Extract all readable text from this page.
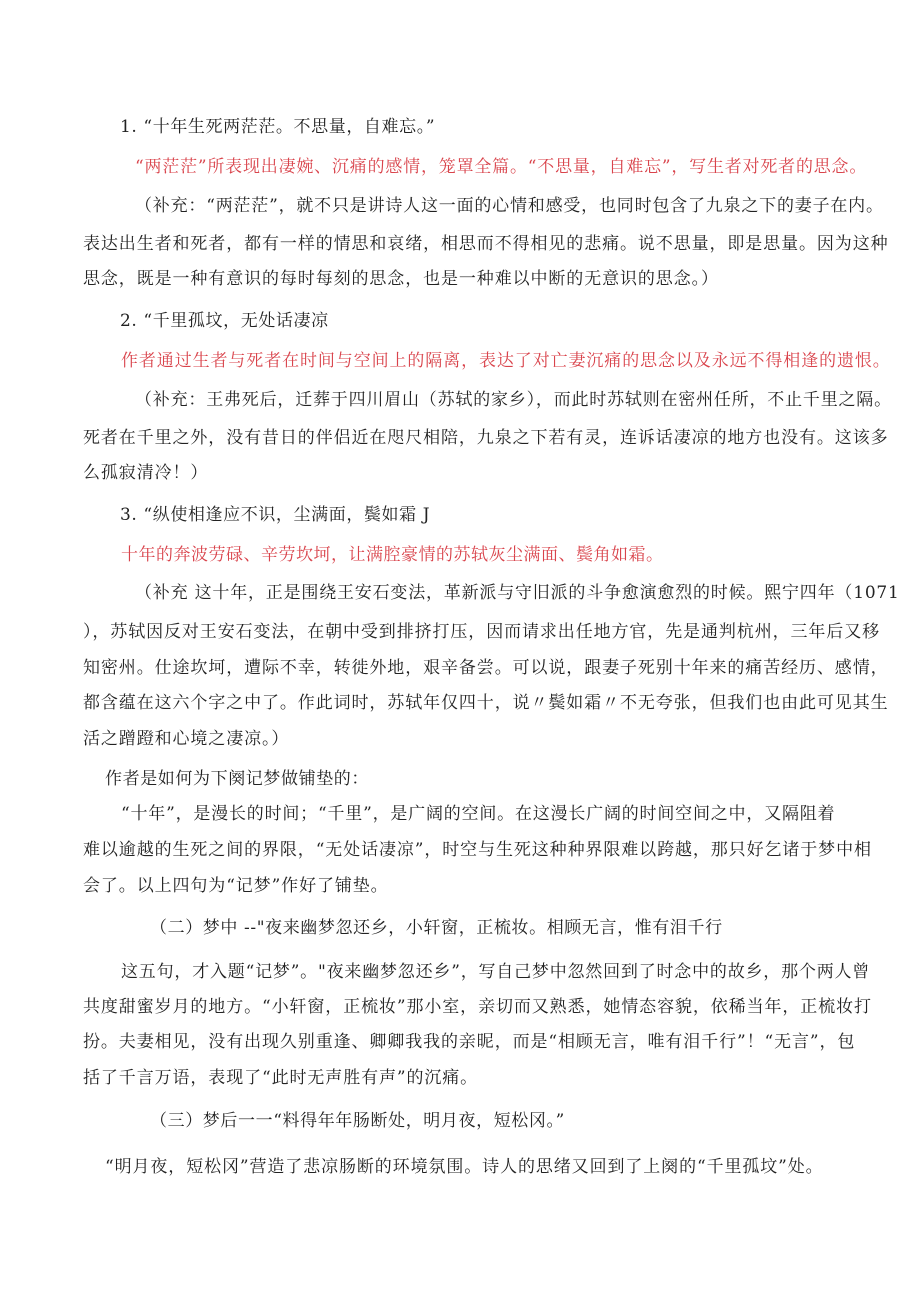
1. “十年生死两茫茫。不思量，自难忘。”
“两茫茫”所表现出凄婉、沉痛的感情，笼罩全篇。“不思量，自难忘”，写生者对死者的思念。
（补充：“两茫茫”，就不只是讲诗人这一面的心情和感受，也同时包含了九泉之下的妻子在内。
表达出生者和死者，都有一样的情思和哀绪，相思而不得相见的悲痛。说不思量，即是思量。因为这种
思念，既是一种有意识的每时每刻的思念，也是一种难以中断的无意识的思念。）
2. “千里孤坟，无处话凄凉
作者通过生者与死者在时间与空间上的隔离，表达了对亡妻沉痛的思念以及永远不得相逢的遗恨。
（补充：王弗死后，迁葬于四川眉山（苏轼的家乡），而此时苏轼则在密州任所，不止千里之隔。
死者在千里之外，没有昔日的伴侣近在咫尺相陪，九泉之下若有灵，连诉话凄凉的地方也没有。这该多
么孤寂清冷！）
3. “纵使相逢应不识，尘满面，鬓如霜 J
十年的奔波劳碌、辛劳坎坷，让满腔豪情的苏轼灰尘满面、鬓角如霜。
（补充 这十年，正是围绕王安石变法，革新派与守旧派的斗争愈演愈烈的时候。熙宁四年（1071
），苏轼因反对王安石变法，在朝中受到排挤打压，因而请求出任地方官，先是通判杭州，三年后又移
知密州。仕途坎坷，遭际不幸，转徙外地，艰辛备尝。可以说，跟妻子死别十年来的痛苦经历、感情，
都含蕴在这六个字之中了。作此词时，苏轼年仅四十，说〃鬓如霜〃不无夸张，但我们也由此可见其生
活之蹭蹬和心境之凄凉。）
作者是如何为下阕记梦做铺垫的：
“十年”，是漫长的时间；“千里”，是广阔的空间。在这漫长广阔的时间空间之中，又隔阻着
难以逾越的生死之间的界限，“无处话凄凉”，时空与生死这种种界限难以跨越，那只好乞诸于梦中相
会了。以上四句为“记梦”作好了铺垫。
（二）梦中 --"夜来幽梦忽还乡，小轩窗，正梳妆。相顾无言，惟有泪千行
这五句，才入题“记梦”。"夜来幽梦忽还乡”，写自己梦中忽然回到了时念中的故乡，那个两人曾
共度甜蜜岁月的地方。“小轩窗，正梳妆”那小室，亲切而又熟悉，她情态容貌，依稀当年，正梳妆打
扮。夫妻相见，没有出现久别重逢、卿卿我我的亲昵，而是“相顾无言，唯有泪千行”！“无言”，包
括了千言万语，表现了“此时无声胜有声”的沉痛。
（三）梦后一一“料得年年肠断处，明月夜，短松冈。”
“明月夜，短松冈”营造了悲凉肠断的环境氛围。诗人的思绪又回到了上阕的“千里孤坟”处。
